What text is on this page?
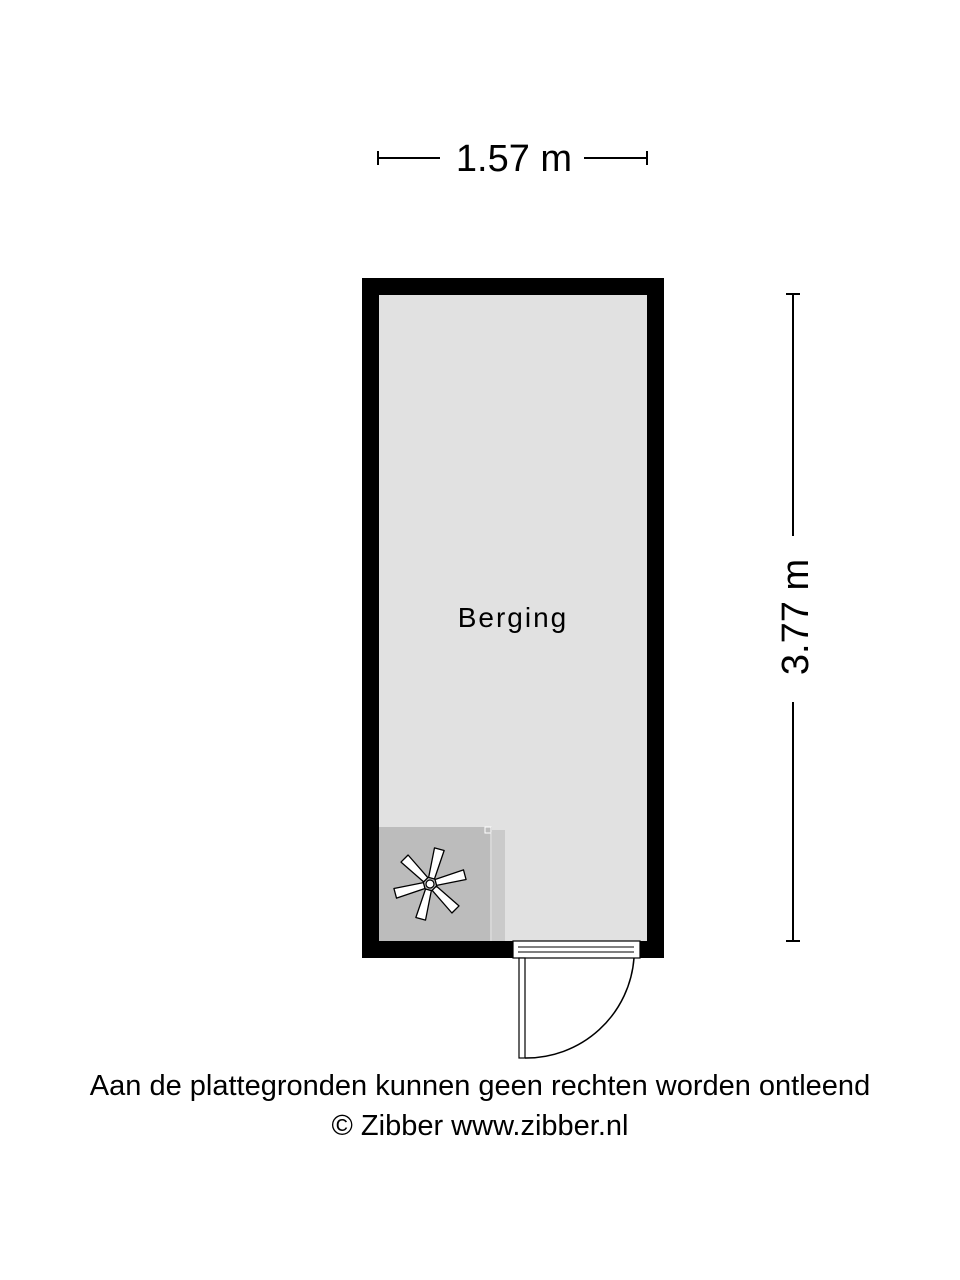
1.57 m
3.77 m
Berging
Aan de plattegronden kunnen geen rechten worden ontleend
© Zibber www.zibber.nl
